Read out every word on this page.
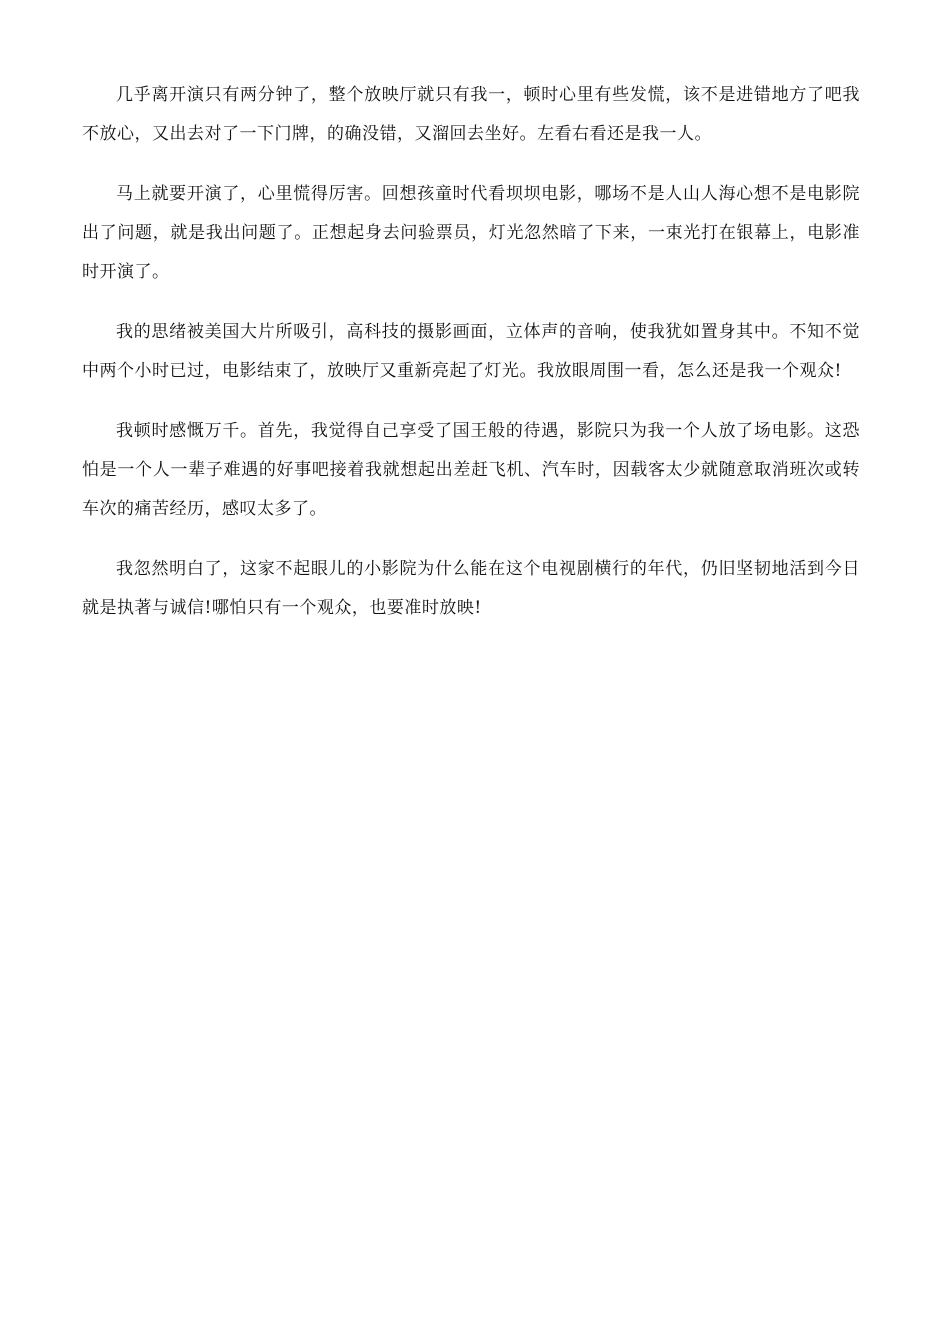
几乎离开演只有两分钟了，整个放映厅就只有我一，顿时心里有些发慌，该不是进错地方了吧我不放心，又出去对了一下门牌，的确没错，又溜回去坐好。左看右看还是我一人。

马上就要开演了，心里慌得厉害。回想孩童时代看坝坝电影，哪场不是人山人海心想不是电影院出了问题，就是我出问题了。正想起身去问验票员，灯光忽然暗了下来，一束光打在银幕上，电影准时开演了。

我的思绪被美国大片所吸引，高科技的摄影画面，立体声的音响，使我犹如置身其中。不知不觉中两个小时已过，电影结束了，放映厅又重新亮起了灯光。我放眼周围一看，怎么还是我一个观众!

我顿时感慨万千。首先，我觉得自己享受了国王般的待遇，影院只为我一个人放了场电影。这恐怕是一个人一辈子难遇的好事吧接着我就想起出差赶飞机、汽车时，因载客太少就随意取消班次或转车次的痛苦经历，感叹太多了。

我忽然明白了，这家不起眼儿的小影院为什么能在这个电视剧横行的年代，仍旧坚韧地活到今日就是执著与诚信!哪怕只有一个观众，也要准时放映!
